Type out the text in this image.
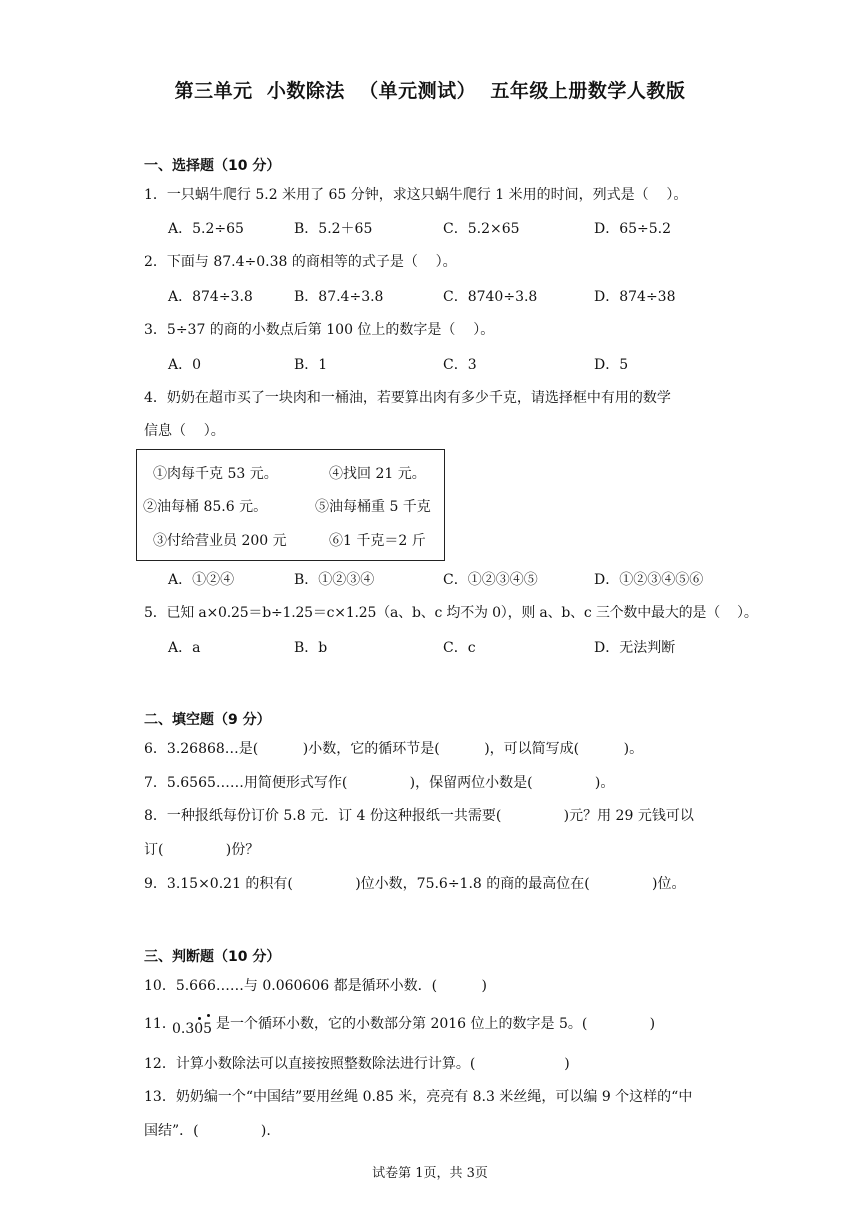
第三单元  小数除法  （单元测试）  五年级上册数学人教版
一、选择题（10 分）
1．一只蜗牛爬行 5.2 米用了 65 分钟，求这只蜗牛爬行 1 米用的时间，列式是（    ）。
A．5.2÷65	B．5.2＋65	C．5.2×65	D．65÷5.2
2．下面与 87.4÷0.38 的商相等的式子是（    ）。
A．874÷3.8	B．87.4÷3.8	C．8740÷3.8	D．874÷38
3．5÷37 的商的小数点后第 100 位上的数字是（    ）。
A．0	B．1	C．3	D．5
4．奶奶在超市买了一块肉和一桶油，若要算出肉有多少千克，请选择框中有用的数学
信息（    ）。
①肉每千克 53 元。	④找回 21 元。
②油每桶 85.6 元。	⑤油每桶重 5 千克
③付给营业员 200 元	⑥1 千克＝2 斤
A．①②④	B．①②③④	C．①②③④⑤	D．①②③④⑤⑥
5．已知 a×0.25＝b÷1.25＝c×1.25（a、b、c 均不为 0），则 a、b、c 三个数中最大的是（    ）。
A．a	B．b	C．c	D．无法判断
二、填空题（9 分）
6．3.26868…是(          )小数，它的循环节是(          )，可以简写成(          )。
7．5.6565……用简便形式写作(              )，保留两位小数是(              )。
8．一种报纸每份订价 5.8 元．订 4 份这种报纸一共需要(              )元？用 29 元钱可以
订(              )份？
9．3.15×0.21 的积有(              )位小数，75.6÷1.8 的商的最高位在(              )位。
三、判断题（10 分）
10．5.666……与 0.060606 都是循环小数．(          )
11．
0.305 是一个循环小数，它的小数部分第 2016 位上的数字是 5。(              )
12．计算小数除法可以直接按照整数除法进行计算。(                    )
13．奶奶编一个“中国结”要用丝绳 0.85 米，亮亮有 8.3 米丝绳，可以编 9 个这样的“中
国结”．(              ).
试卷第 1页，共 3页
